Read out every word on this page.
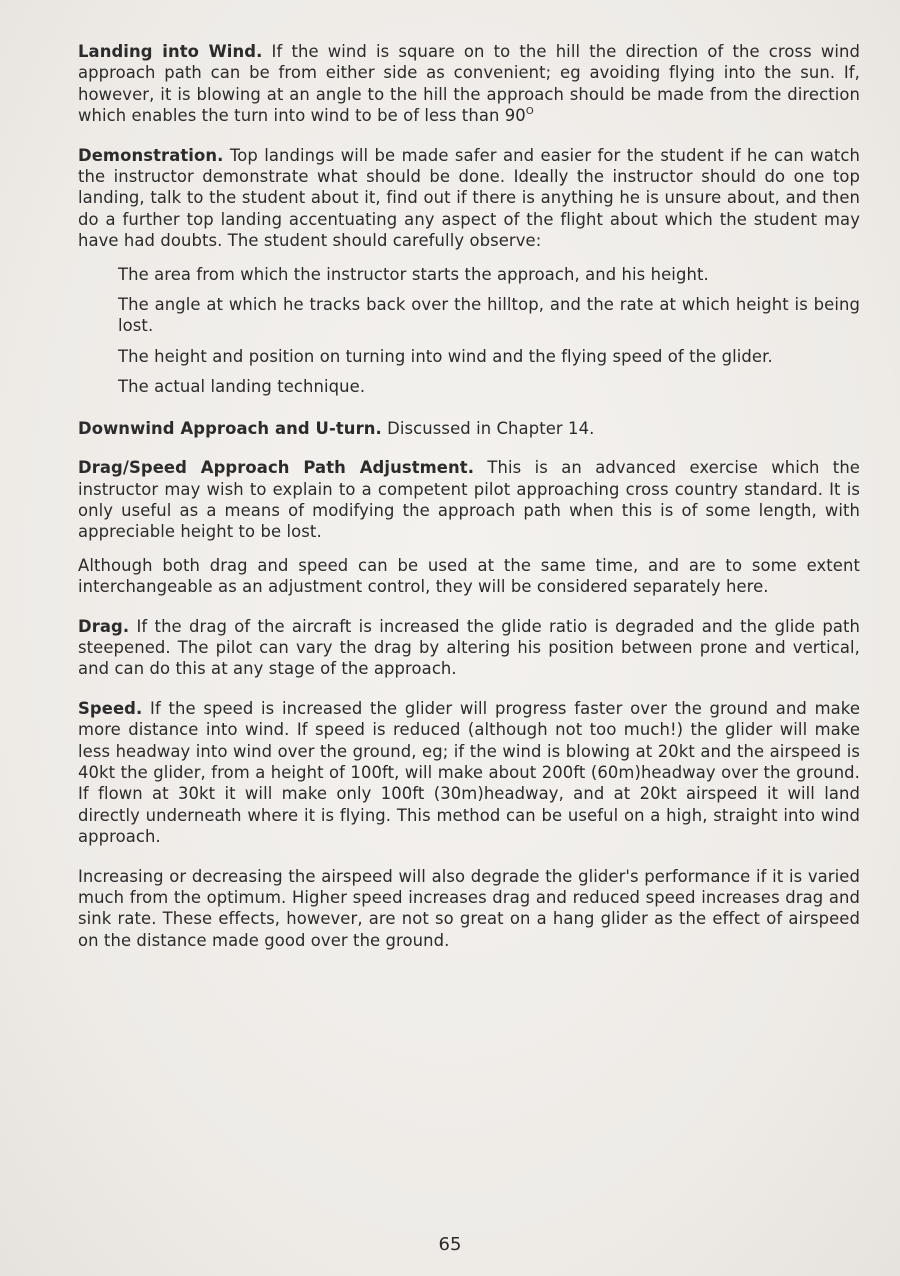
Landing into Wind. If the wind is square on to the hill the direction of the cross wind approach path can be from either side as convenient; eg avoiding flying into the sun. If, however, it is blowing at an angle to the hill the approach should be made from the direction which enables the turn into wind to be of less than $90^O$

Demonstration. Top landings will be made safer and easier for the student if he can watch the instructor demonstrate what should be done. Ideally the instructor should do one top landing, talk to the student about it, find out if there is anything he is unsure about, and then do a further top landing accentuating any aspect of the flight about which the student may have had doubts. The student should carefully observe:

The area from which the instructor starts the approach, and his height.

The angle at which he tracks back over the hilltop, and the rate at which height is being lost.

The height and position on turning into wind and the flying speed of the glider.

The actual landing technique.

Downwind Approach and U-turn. Discussed in Chapter 14.

Drag/Speed Approach Path Adjustment. This is an advanced exercise which the instructor may wish to explain to a competent pilot approaching cross country standard. It is only useful as a means of modifying the approach path when this is of some length, with appreciable height to be lost.

Although both drag and speed can be used at the same time, and are to some extent interchangeable as an adjustment control, they will be considered separately here.

Drag. If the drag of the aircraft is increased the glide ratio is degraded and the glide path steepened. The pilot can vary the drag by altering his position between prone and vertical, and can do this at any stage of the approach.

Speed. If the speed is increased the glider will progress faster over the ground and make more distance into wind. If speed is reduced (although not too much!) the glider will make less headway into wind over the ground, eg; if the wind is blowing at 20kt and the airspeed is 40kt the glider, from a height of 100ft, will make about 200ft (60m)headway over the ground. If flown at 30kt it will make only 100ft (30m)headway, and at 20kt airspeed it will land directly underneath where it is flying. This method can be useful on a high, straight into wind approach.

Increasing or decreasing the airspeed will also degrade the glider's performance if it is varied much from the optimum. Higher speed increases drag and reduced speed increases drag and sink rate. These effects, however, are not so great on a hang glider as the effect of airspeed on the distance made good over the ground.

65
